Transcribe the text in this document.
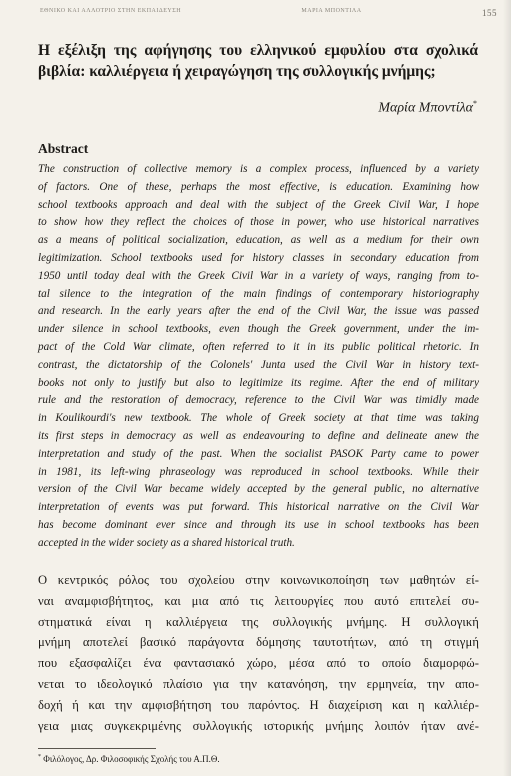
ΕΘΝΙΚΟ ΚΑΙ ΑΛΛΟΤΡΙΟ ΣΤΗΝ ΕΚΠΑΙΔΕΥΣΗ	ΜΑΡΙΑ ΜΠΟΝΤΙΛΑ	155
Η εξέλιξη της αφήγησης του ελληνικού εμφυλίου στα σχολικά
βιβλία: καλλιέργεια ή χειραγώγηση της συλλογικής μνήμης;
Μαρία Μποντίλα*
Abstract
The construction of collective memory is a complex process, influenced by a variety
of factors. One of these, perhaps the most effective, is education. Examining how
school textbooks approach and deal with the subject of the Greek Civil War, I hope
to show how they reflect the choices of those in power, who use historical narratives
as a means of political socialization, education, as well as a medium for their own
legitimization. School textbooks used for history classes in secondary education from
1950 until today deal with the Greek Civil War in a variety of ways, ranging from to-
tal silence to the integration of the main findings of contemporary historiography
and research. In the early years after the end of the Civil War, the issue was passed
under silence in school textbooks, even though the Greek government, under the im-
pact of the Cold War climate, often referred to it in its public political rhetoric. In
contrast, the dictatorship of the Colonels' Junta used the Civil War in history text-
books not only to justify but also to legitimize its regime. After the end of military
rule and the restoration of democracy, reference to the Civil War was timidly made
in Koulikourdi's new textbook. The whole of Greek society at that time was taking
its first steps in democracy as well as endeavouring to define and delineate anew the
interpretation and study of the past. When the socialist PASOK Party came to power
in 1981, its left-wing phraseology was reproduced in school textbooks. While their
version of the Civil War became widely accepted by the general public, no alternative
interpretation of events was put forward. This historical narrative on the Civil War
has become dominant ever since and through its use in school textbooks has been
accepted in the wider society as a shared historical truth.
Ο κεντρικός ρόλος του σχολείου στην κοινωνικοποίηση των μαθητών εί-
ναι αναμφισβήτητος, και μια από τις λειτουργίες που αυτό επιτελεί συ-
στηματικά είναι η καλλιέργεια της συλλογικής μνήμης. Η συλλογική
μνήμη αποτελεί βασικό παράγοντα δόμησης ταυτοτήτων, από τη στιγμή
που εξασφαλίζει ένα φαντασιακό χώρο, μέσα από το οποίο διαμορφώ-
νεται το ιδεολογικό πλαίσιο για την κατανόηση, την ερμηνεία, την απο-
δοχή ή και την αμφισβήτηση του παρόντος. Η διαχείριση και η καλλιέρ-
γεια μιας συγκεκριμένης συλλογικής ιστορικής μνήμης λοιπόν ήταν ανέ-
* Φιλόλογος, Δρ. Φιλοσοφικής Σχολής του Α.Π.Θ.
